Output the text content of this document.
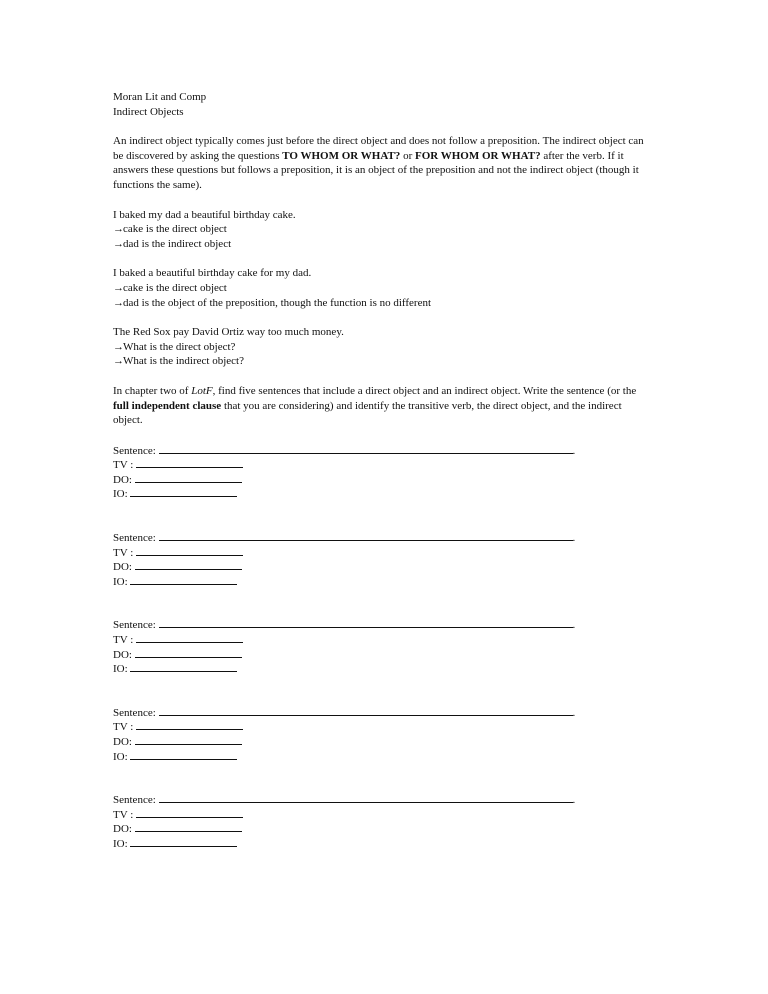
Moran Lit and Comp

Indirect Objects

An indirect object typically comes just before the direct object and does not follow a preposition. The indirect object can be discovered by asking the questions TO WHOM OR WHAT? or FOR WHOM OR WHAT? after the verb. If it answers these questions but follows a preposition, it is an object of the preposition and not the indirect object (though it functions the same).

I baked my dad a beautiful birthday cake.

→cake is the direct object

→dad is the indirect object

I baked a beautiful birthday cake for my dad.

→cake is the direct object

→dad is the object of the preposition, though the function is no different

The Red Sox pay David Ortiz way too much money.

→What is the direct object?

→What is the indirect object?

In chapter two of LotF, find five sentences that include a direct object and an indirect object. Write the sentence (or the full independent clause that you are considering) and identify the transitive verb, the direct object, and the indirect object.

Sentence:	.
TV :
DO:
IO:
Sentence:	.
TV :
DO:
IO:
Sentence:	.
TV :
DO:
IO:
Sentence:	.
TV :
DO:
IO:
Sentence:	.
TV :
DO:
IO:
